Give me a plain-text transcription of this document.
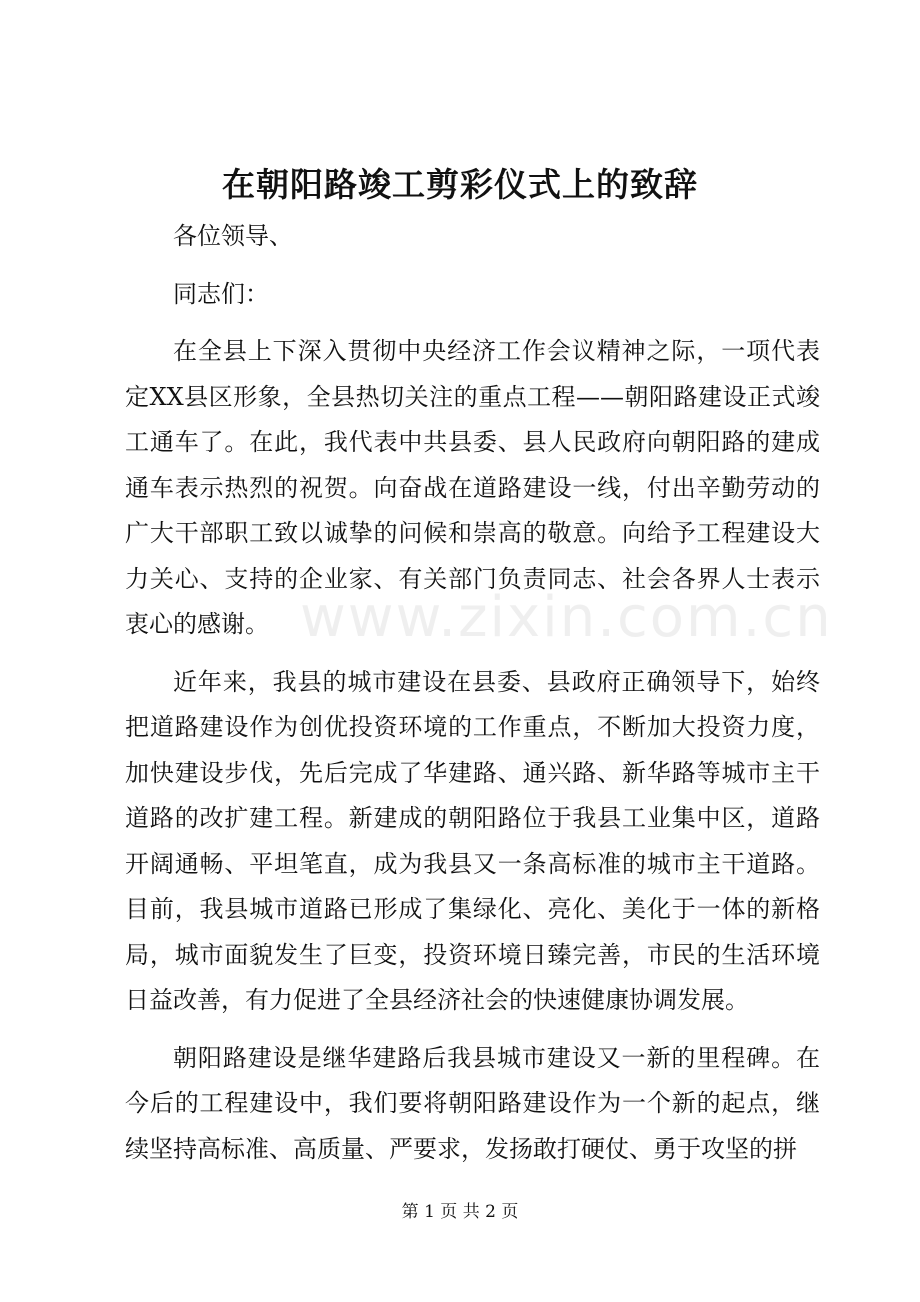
在朝阳路竣工剪彩仪式上的致辞

各位领导、

同志们：

在全县上下深入贯彻中央经济工作会议精神之际，一项代表定XX县区形象，全县热切关注的重点工程——朝阳路建设正式竣工通车了。在此，我代表中共县委、县人民政府向朝阳路的建成通车表示热烈的祝贺。向奋战在道路建设一线，付出辛勤劳动的广大干部职工致以诚挚的问候和崇高的敬意。向给予工程建设大力关心、支持的企业家、有关部门负责同志、社会各界人士表示衷心的感谢。

近年来，我县的城市建设在县委、县政府正确领导下，始终把道路建设作为创优投资环境的工作重点，不断加大投资力度，加快建设步伐，先后完成了华建路、通兴路、新华路等城市主干道路的改扩建工程。新建成的朝阳路位于我县工业集中区，道路开阔通畅、平坦笔直，成为我县又一条高标准的城市主干道路。目前，我县城市道路已形成了集绿化、亮化、美化于一体的新格局，城市面貌发生了巨变，投资环境日臻完善，市民的生活环境日益改善，有力促进了全县经济社会的快速健康协调发展。

朝阳路建设是继华建路后我县城市建设又一新的里程碑。在今后的工程建设中，我们要将朝阳路建设作为一个新的起点，继续坚持高标准、高质量、严要求，发扬敢打硬仗、勇于攻坚的拼

www.zixin.com.cn
第 1 页 共 2 页
